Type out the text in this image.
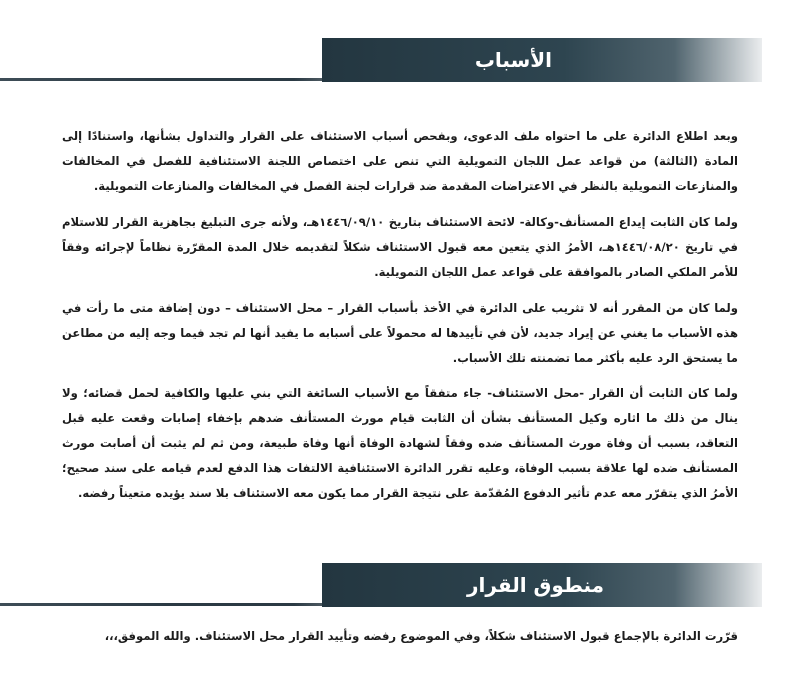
الأسباب
وبعد اطلاع الدائرة على ما احتواه ملف الدعوى، وبفحص أسباب الاستئناف على القرار والتداول بشأنها، واستنادًا إلى المادة (الثالثة) من قواعد عمل اللجان التمويلية التي تنص على اختصاص اللجنة الاستئنافية للفصل في المخالفات والمنازعات التمويلية بالنظر في الاعتراضات المقدمة ضد قرارات لجنة الفصل في المخالفات والمنازعات التمويلية.
ولما كان الثابت إيداع المستأنف-وكالة- لائحة الاستئناف بتاريخ ١٤٤٦/٠٩/١٠هـ، ولأنه جرى التبليغ بجاهزية القرار للاستلام في تاريخ ١٤٤٦/٠٨/٢٠هـ، الأمرُ الذي يتعين معه قبول الاستئناف شكلاً لتقديمه خلال المدة المقرّرة نظاماً لإجرائه وفقاً للأمر الملكي الصادر بالموافقة على قواعد عمل اللجان التمويلية.
ولما كان من المقرر أنه لا تثريب على الدائرة في الأخذ بأسباب القرار – محل الاستئناف – دون إضافة متى ما رأت في هذه الأسباب ما يغني عن إيراد جديد، لأن في تأييدها له محمولاً على أسبابه ما يفيد أنها لم تجد فيما وجه إليه من مطاعن ما يستحق الرد عليه بأكثر مما تضمنته تلك الأسباب.
ولما كان الثابت أن القرار -محل الاستئناف- جاء متفقاً مع الأسباب السائغة التي بني عليها والكافية لحمل قضائه؛ ولا ينال من ذلك ما اثاره وكيل المستأنف بشأن أن الثابت قيام مورث المستأنف ضدهم بإخفاء إصابات وقعت عليه قبل التعاقد، بسبب أن وفاة مورث المستأنف ضده وفقاً لشهادة الوفاة أنها وفاة طبيعة، ومن ثم لم يثبت أن أصابت مورث المستأنف ضده لها علاقة بسبب الوفاة، وعليه تقرر الدائرة الاستئنافية الالتفات هذا الدفع لعدم قيامه على سند صحيح؛ الأمرُ الذي يتقرّر معه عدم تأثير الدفوع المُقدّمة على نتيجة القرار مما يكون معه الاستئناف بلا سند يؤيده متعيناً رفضه.
منطوق القرار
قرّرت الدائرة بالإجماع قبول الاستئناف شكلاً، وفي الموضوع رفضه وتأييد القرار محل الاستئناف. والله الموفق،،،
